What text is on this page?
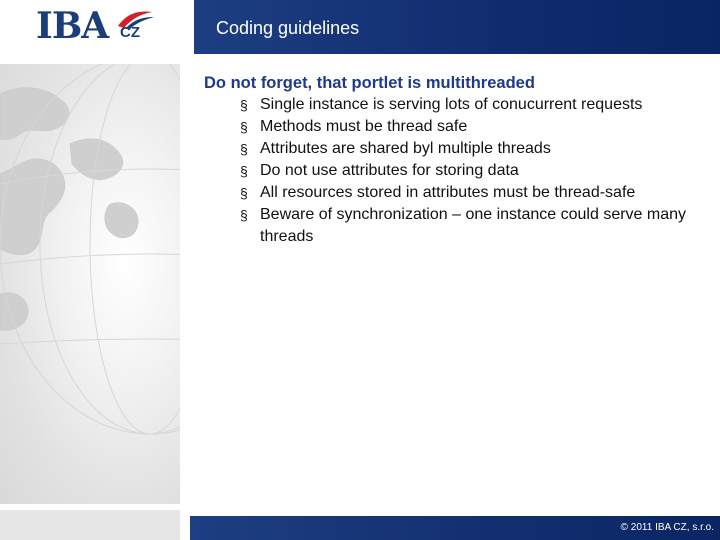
IBA CZ	Coding guidelines

Do not forget, that portlet is multithreaded

§ Single instance is serving lots of conucurrent requests
§ Methods must be thread safe
§ Attributes are shared byl multiple threads
§ Do not use attributes for storing data
§ All resources stored in attributes must be thread-safe
§ Beware of synchronization – one instance could serve many threads
© 2011 IBA CZ, s.r.o.
